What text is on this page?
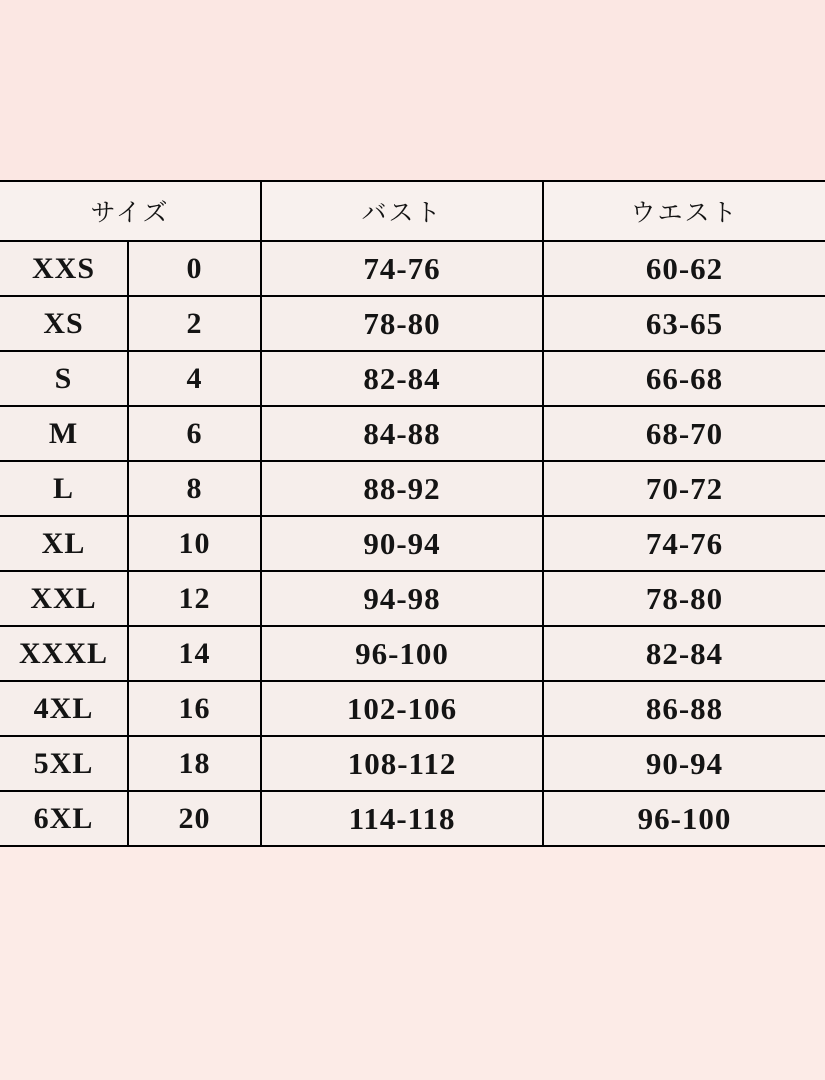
サイズ		バスト	ウエスト
XXS	0	74-76	60-62
XS	2	78-80	63-65
S	4	82-84	66-68
M	6	84-88	68-70
L	8	88-92	70-72
XL	10	90-94	74-76
XXL	12	94-98	78-80
XXXL	14	96-100	82-84
4XL	16	102-106	86-88
5XL	18	108-112	90-94
6XL	20	114-118	96-100
